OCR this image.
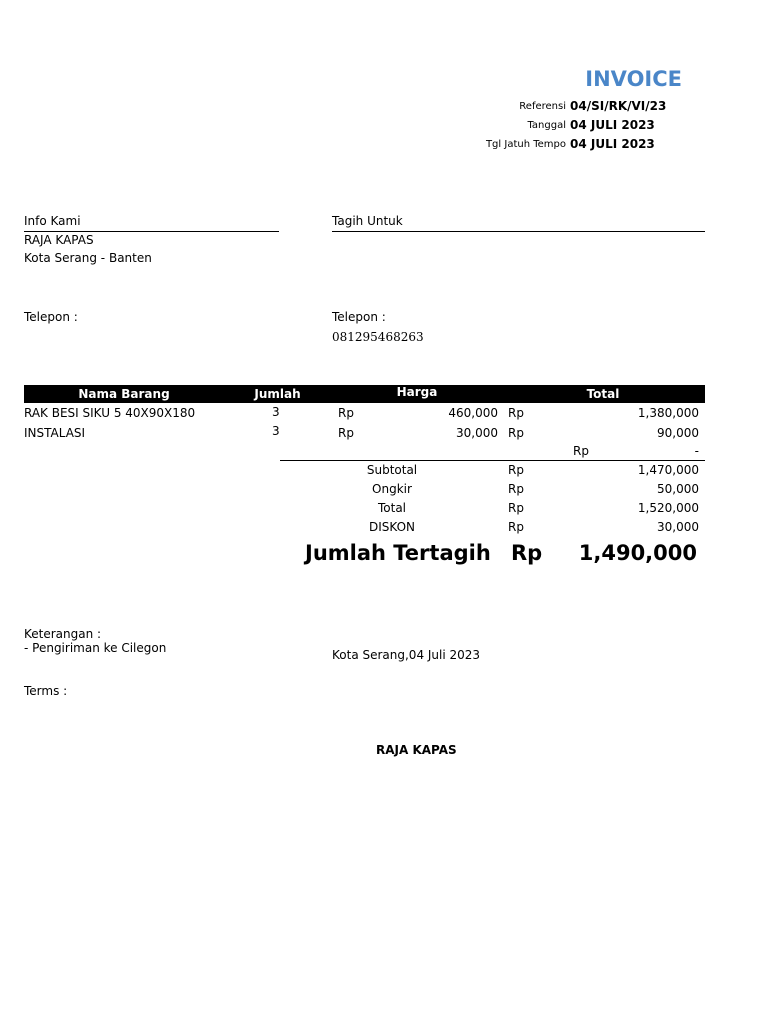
INVOICE
Referensi 04/SI/RK/VI/23
Tanggal 04 JULI 2023
Tgl Jatuh Tempo 04 JULI 2023
Info Kami
RAJA KAPAS
Kota Serang - Banten
Telepon :
Tagih Untuk
Telepon :
081295468263
Nama Barang	Jumlah	Harga	Total
RAK BESI SIKU 5 40X90X180	3	Rp	460,000 Rp	1,380,000
INSTALASI	3	Rp	30,000 Rp	90,000
Rp	-
Subtotal	Rp	1,470,000
Ongkir	Rp	50,000
Total	Rp	1,520,000
DISKON	Rp	30,000
Jumlah Tertagih Rp	1,490,000
Keterangan :
- Pengiriman ke Cilegon	Kota Serang,04 Juli 2023
Terms :
RAJA KAPAS
